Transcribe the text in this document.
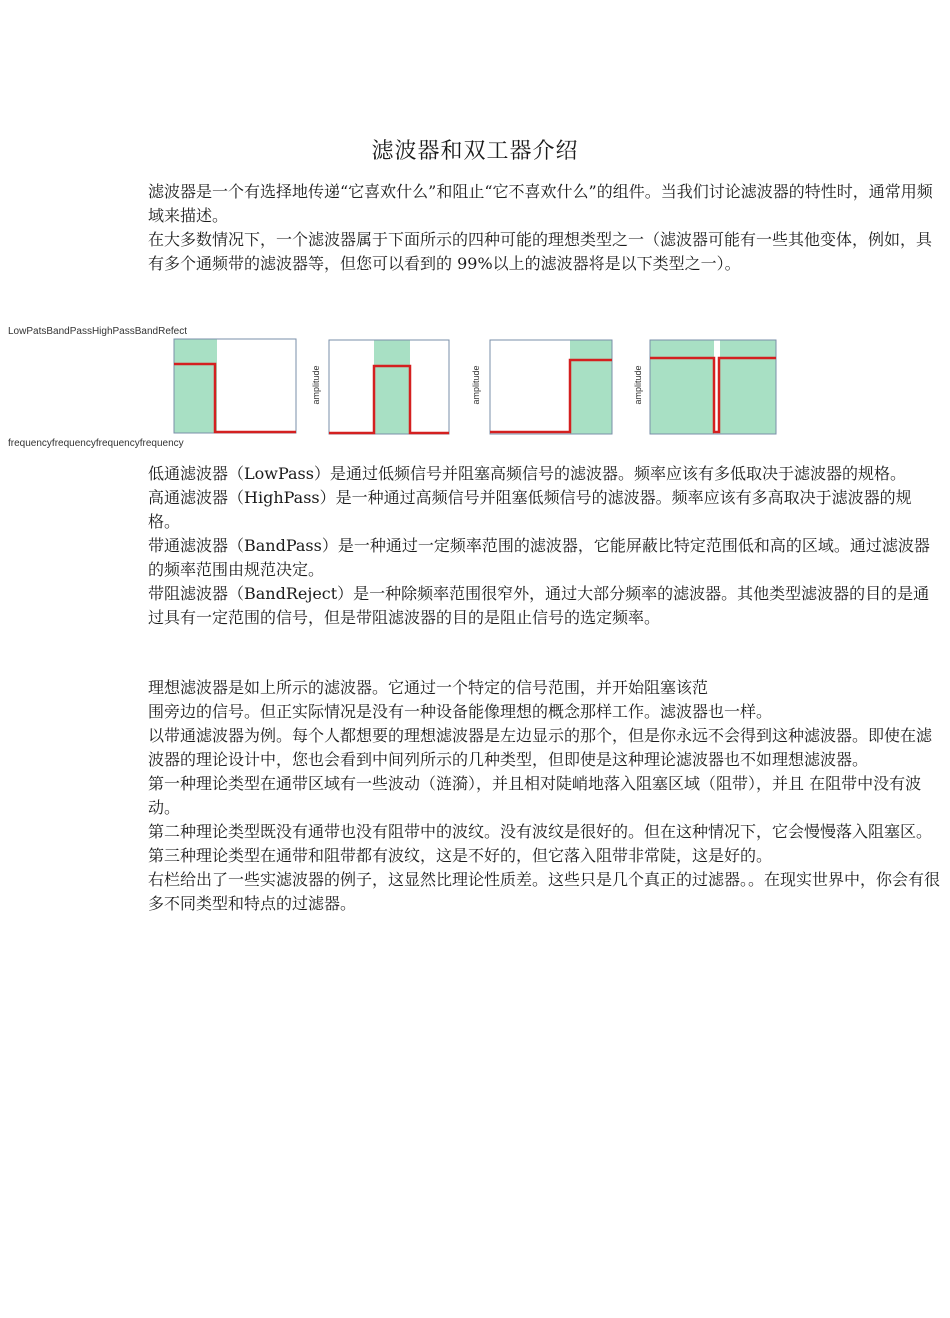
滤波器和双工器介绍

滤波器是一个有选择地传递“它喜欢什么”和阻止“它不喜欢什么”的组件。当我们讨论滤波器的特性时，通常用频域来描述。

在大多数情况下，一个滤波器属于下面所示的四种可能的理想类型之一（滤波器可能有一些其他变体，例如，具有多个通频带的滤波器等，但您可以看到的 99%以上的滤波器将是以下类型之一）。

LowPatsBandPassHighPassBandRefect
amplitude	amplitude	amplitude
frequencyfrequencyfrequencyfrequency

低通滤波器（LowPass）是通过低频信号并阻塞高频信号的滤波器。频率应该有多低取决于滤波器的规格。

高通滤波器（HighPass）是一种通过高频信号并阻塞低频信号的滤波器。频率应该有多高取决于滤波器的规格。

带通滤波器（BandPass）是一种通过一定频率范围的滤波器，它能屏蔽比特定范围低和高的区域。通过滤波器的频率范围由规范决定。

带阻滤波器（BandReject）是一种除频率范围很窄外，通过大部分频率的滤波器。其他类型滤波器的目的是通过具有一定范围的信号，但是带阻滤波器的目的是阻止信号的选定频率。

理想滤波器是如上所示的滤波器。它通过一个特定的信号范围，并开始阻塞该范

围旁边的信号。但正实际情况是没有一种设备能像理想的概念那样工作。滤波器也一样。

以带通滤波器为例。每个人都想要的理想滤波器是左边显示的那个，但是你永远不会得到这种滤波器。即使在滤波器的理论设计中，您也会看到中间列所示的几种类型，但即使是这种理论滤波器也不如理想滤波器。

第一种理论类型在通带区域有一些波动（涟漪），并且相对陡峭地落入阻塞区域（阻带），并且 在阻带中没有波动。

第二种理论类型既没有通带也没有阻带中的波纹。没有波纹是很好的。但在这种情况下，它会慢慢落入阻塞区。

第三种理论类型在通带和阻带都有波纹，这是不好的，但它落入阻带非常陡，这是好的。

右栏给出了一些实滤波器的例子，这显然比理论性质差。这些只是几个真正的过滤器。。在现实世界中，你会有很多不同类型和特点的过滤器。
